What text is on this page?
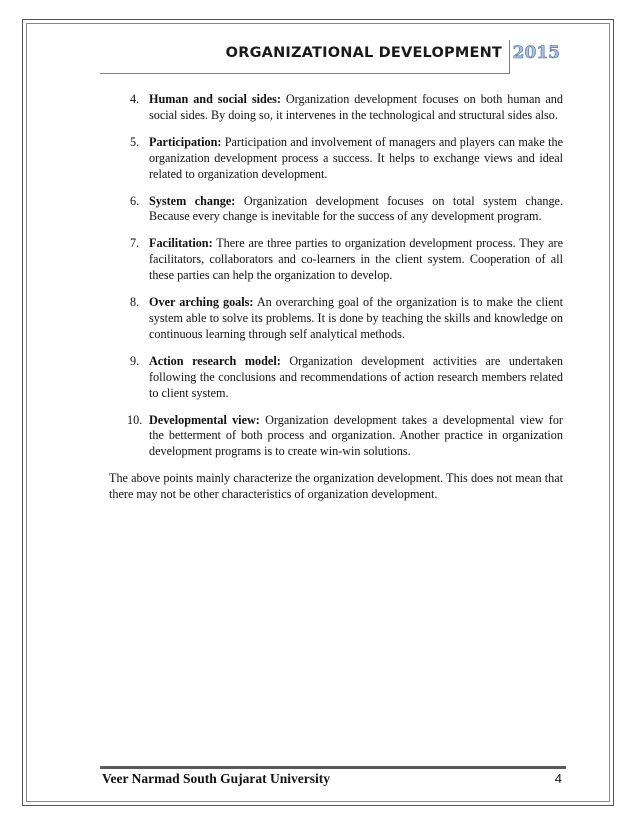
ORGANIZATIONAL DEVELOPMENT 2015
4. Human and social sides: Organization development focuses on both human and social sides. By doing so, it intervenes in the technological and structural sides also.
5. Participation: Participation and involvement of managers and players can make the organization development process a success. It helps to exchange views and ideal related to organization development.
6. System change: Organization development focuses on total system change. Because every change is inevitable for the success of any development program.
7. Facilitation: There are three parties to organization development process. They are facilitators, collaborators and co-learners in the client system. Cooperation of all these parties can help the organization to develop.
8. Over arching goals: An overarching goal of the organization is to make the client system able to solve its problems. It is done by teaching the skills and knowledge on continuous learning through self analytical methods.
9. Action research model: Organization development activities are undertaken following the conclusions and recommendations of action research members related to client system.
10. Developmental view: Organization development takes a developmental view for the betterment of both process and organization. Another practice in organization development programs is to create win-win solutions.

The above points mainly characterize the organization development. This does not mean that there may not be other characteristics of organization development.

Veer Narmad South Gujarat University	4
